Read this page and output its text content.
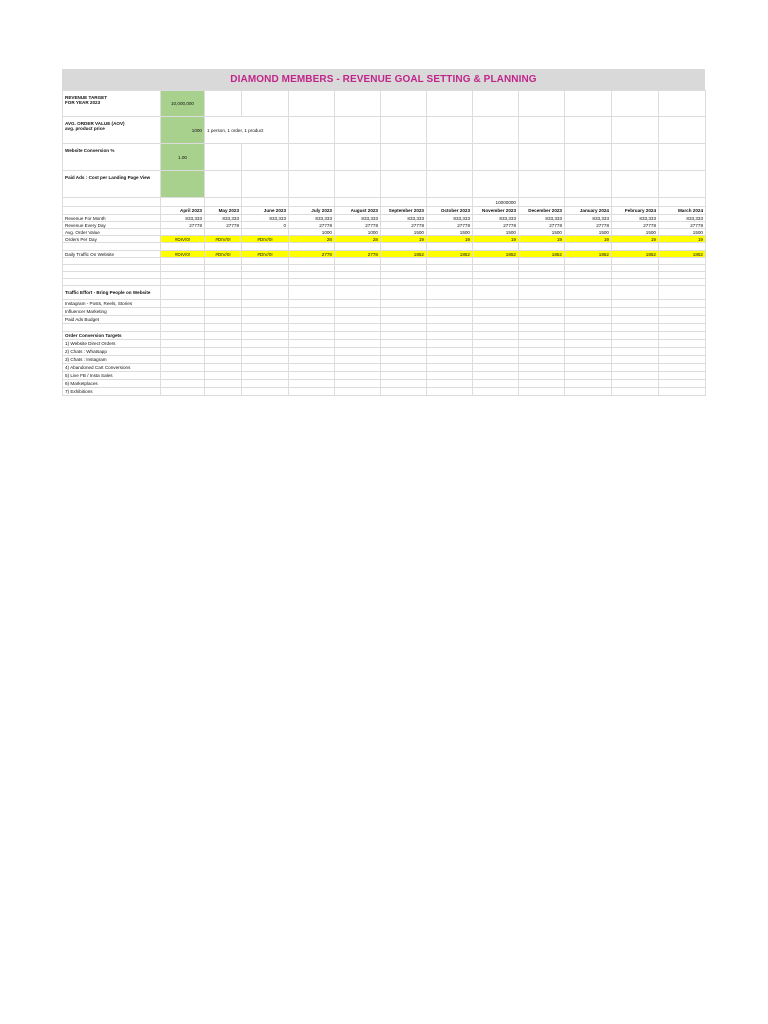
DIAMOND MEMBERS - REVENUE GOAL SETTING & PLANNING
REVENUE TARGET
FOR YEAR 2023	10,000,000											

AVG. ORDER VALUE (AOV)
avg. product price	1000	1 person, 1 order, 1 product										

Website Conversion %	1.00											

Paid Ads : Cost per Landing Page View												

								10000000				
	April 2023	May 2023	June 2023	July 2023	August 2023	September 2023	October 2023	November 2023	December 2023	January 2024	February 2024	March 2024
Revenue For Month	833,333	833,333	833,333	833,333	833,333	833,333	833,333	833,333	833,333	833,333	833,333	833,333
Revenue Every Day	27778	27778	0	27778	27778	27778	27778	27778	27778	27778	27778	27778
Avg. Order Value				1000	1000	1500	1500	1500	1500	1500	1500	1500
Orders Per Day	#DIV/0!	#DIV/0!	#DIV/0!	28	28	19	19	19	19	19	19	19

Daily Traffic On Website	#DIV/0!	#DIV/0!	#DIV/0!	2778	2778	1852	1852	1852	1852	1852	1852	1852

Traffic Effort - Bring People on Website												
Instagram - Posts, Reels, Stories												
Influencer Marketing												
Paid Ads Budget												

Order Conversion Targets												
1) Website Direct Orders												
2) Chats : Whatsapp												
3) Chats : Instagram												
4) Abandoned Cart Conversions												
5) Live FB / Insta Sales												
6) Marketplaces												
7) Exhibitions												
